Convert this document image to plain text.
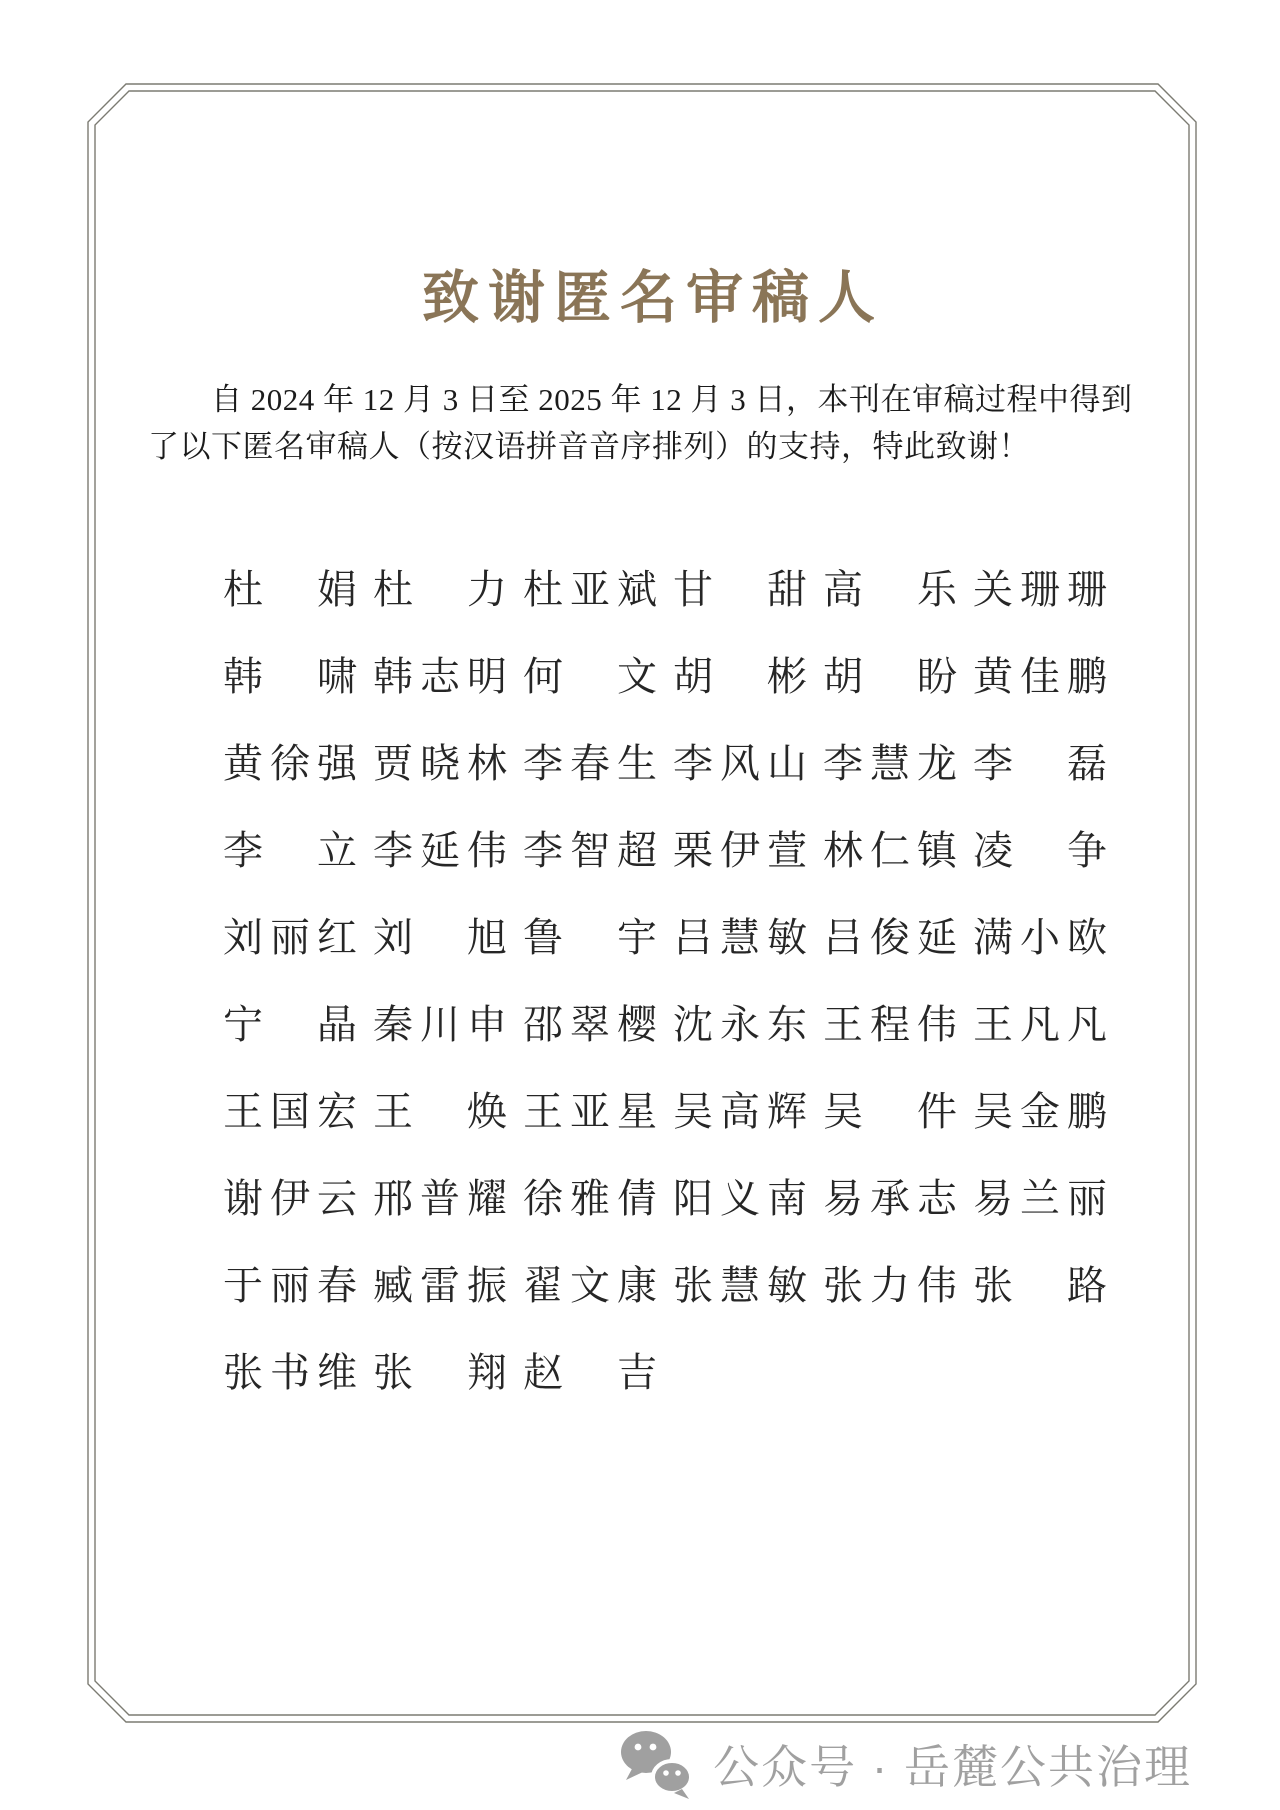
致谢匿名审稿人
自 2024 年 12 月 3 日至 2025 年 12 月 3 日，本刊在审稿过程中得到
了以下匿名审稿人（按汉语拼音音序排列）的支持，特此致谢！
杜 娟 杜 力 杜 亚 斌 甘 甜 高 乐 关 珊 珊
韩 啸 韩 志 明 何 文 胡 彬 胡 盼 黄 佳 鹏
黄 徐 强 贾 晓 林 李 春 生 李 风 山 李 慧 龙 李 磊
李 立 李 延 伟 李 智 超 栗 伊 萱 林 仁 镇 凌 争
刘 丽 红 刘 旭 鲁 宇 吕 慧 敏 吕 俊 延 满 小 欧
宁 晶 秦 川 申 邵 翠 樱 沈 永 东 王 程 伟 王 凡 凡
王 国 宏 王 焕 王 亚 星 吴 高 辉 吴 件 吴 金 鹏
谢 伊 云 邢 普 耀 徐 雅 倩 阳 义 南 易 承 志 易 兰 丽
于 丽 春 臧 雷 振 翟 文 康 张 慧 敏 张 力 伟 张 路
张 书 维 张 翔 赵 吉
公众号 · 岳麓公共治理
